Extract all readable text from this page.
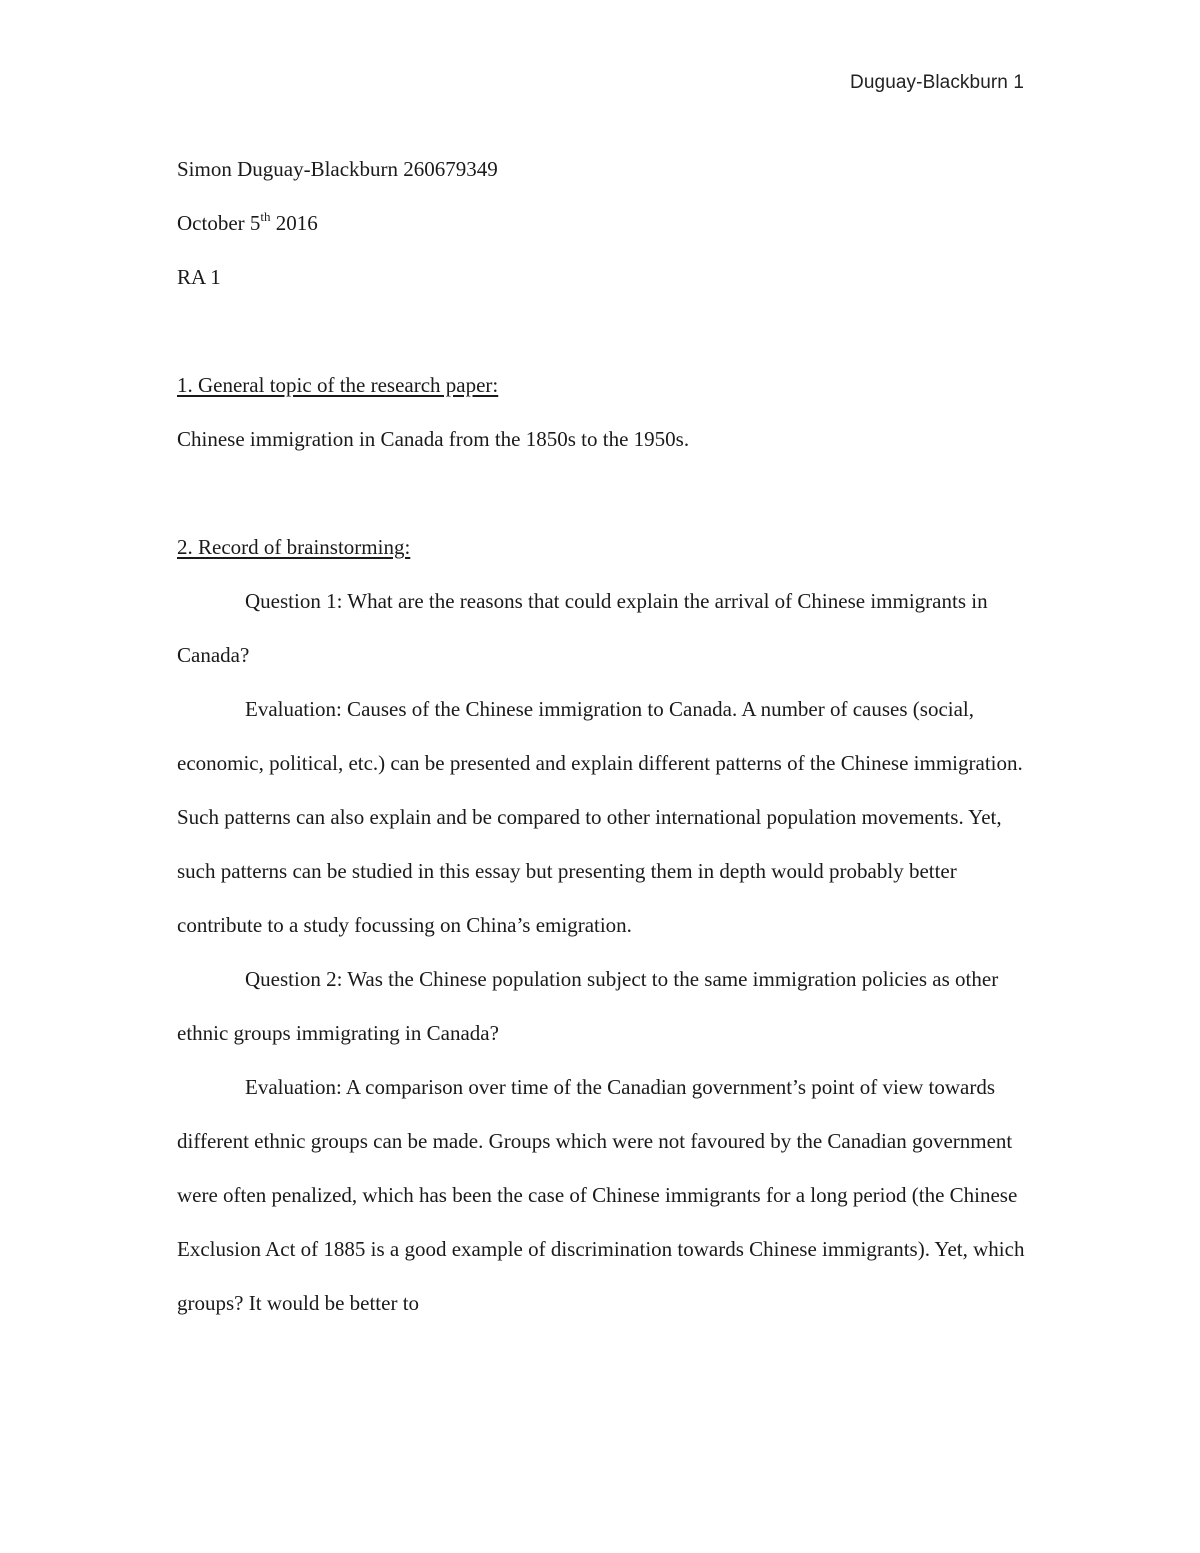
Duguay-Blackburn 1

Simon Duguay-Blackburn 260679349

October 5th 2016

RA 1

1. General topic of the research paper:

Chinese immigration in Canada from the 1850s to the 1950s.

2. Record of brainstorming:

Question 1: What are the reasons that could explain the arrival of Chinese immigrants in Canada?

Evaluation: Causes of the Chinese immigration to Canada. A number of causes (social, economic, political, etc.) can be presented and explain different patterns of the Chinese immigration. Such patterns can also explain and be compared to other international population movements. Yet, such patterns can be studied in this essay but presenting them in depth would probably better contribute to a study focussing on China’s emigration.

Question 2: Was the Chinese population subject to the same immigration policies as other ethnic groups immigrating in Canada?

Evaluation: A comparison over time of the Canadian government’s point of view towards different ethnic groups can be made. Groups which were not favoured by the Canadian government were often penalized, which has been the case of Chinese immigrants for a long period (the Chinese Exclusion Act of 1885 is a good example of discrimination towards Chinese immigrants). Yet, which groups? It would be better to
